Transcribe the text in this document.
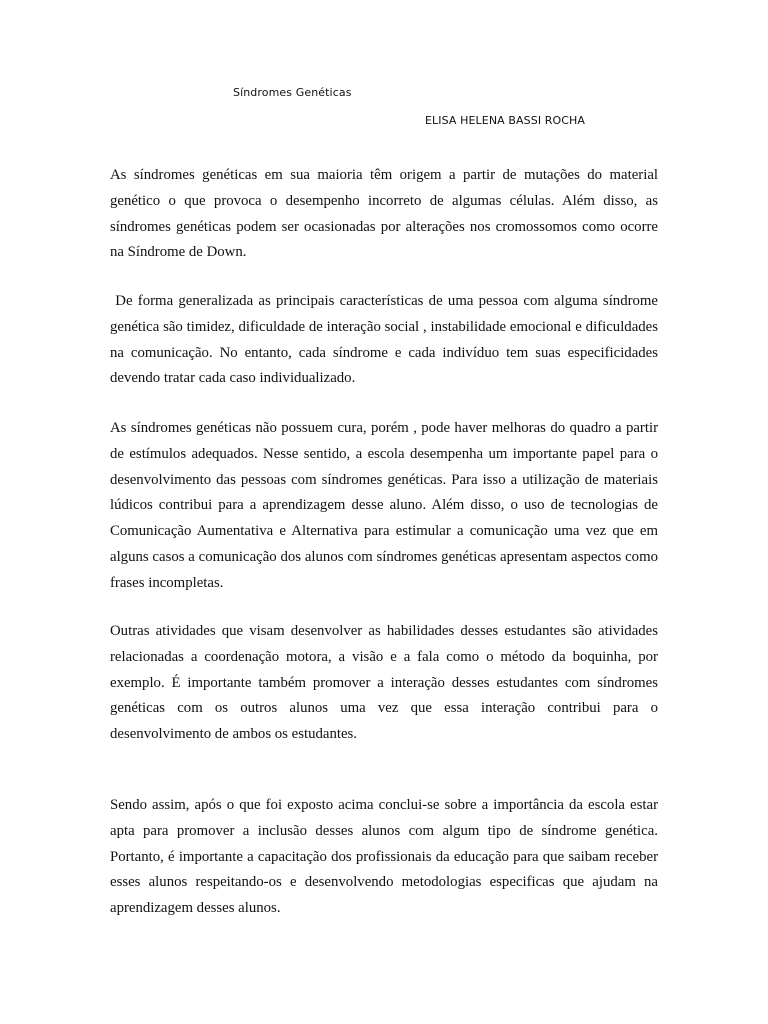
Síndromes Genéticas
ELISA HELENA BASSI ROCHA

As síndromes genéticas em sua maioria têm origem a partir de mutações do material genético o que provoca o desempenho incorreto de algumas células. Além disso, as síndromes genéticas podem ser ocasionadas por alterações nos cromossomos como ocorre na Síndrome de Down.

De forma generalizada as principais características de uma pessoa com alguma síndrome genética são timidez, dificuldade de interação social , instabilidade emocional e dificuldades na comunicação. No entanto, cada síndrome e cada indivíduo tem suas especificidades devendo tratar cada caso individualizado.

As síndromes genéticas não possuem cura, porém , pode haver melhoras do quadro a partir de estímulos adequados. Nesse sentido, a escola desempenha um importante papel para o desenvolvimento das pessoas com síndromes genéticas. Para isso a utilização de materiais lúdicos contribui para a aprendizagem desse aluno. Além disso, o uso de tecnologias de Comunicação Aumentativa e Alternativa para estimular a comunicação uma vez que em alguns casos a comunicação dos alunos com síndromes genéticas apresentam aspectos como frases incompletas.

Outras atividades que visam desenvolver as habilidades desses estudantes são atividades relacionadas a coordenação motora, a visão e a fala como o método da boquinha, por exemplo. É importante também promover a interação desses estudantes com síndromes genéticas com os outros alunos uma vez que essa interação contribui para o desenvolvimento de ambos os estudantes.

Sendo assim, após o que foi exposto acima conclui-se sobre a importância da escola estar apta para promover a inclusão desses alunos com algum tipo de síndrome genética. Portanto, é importante a capacitação dos profissionais da educação para que saibam receber esses alunos respeitando-os e desenvolvendo metodologias especificas que ajudam na aprendizagem desses alunos.
